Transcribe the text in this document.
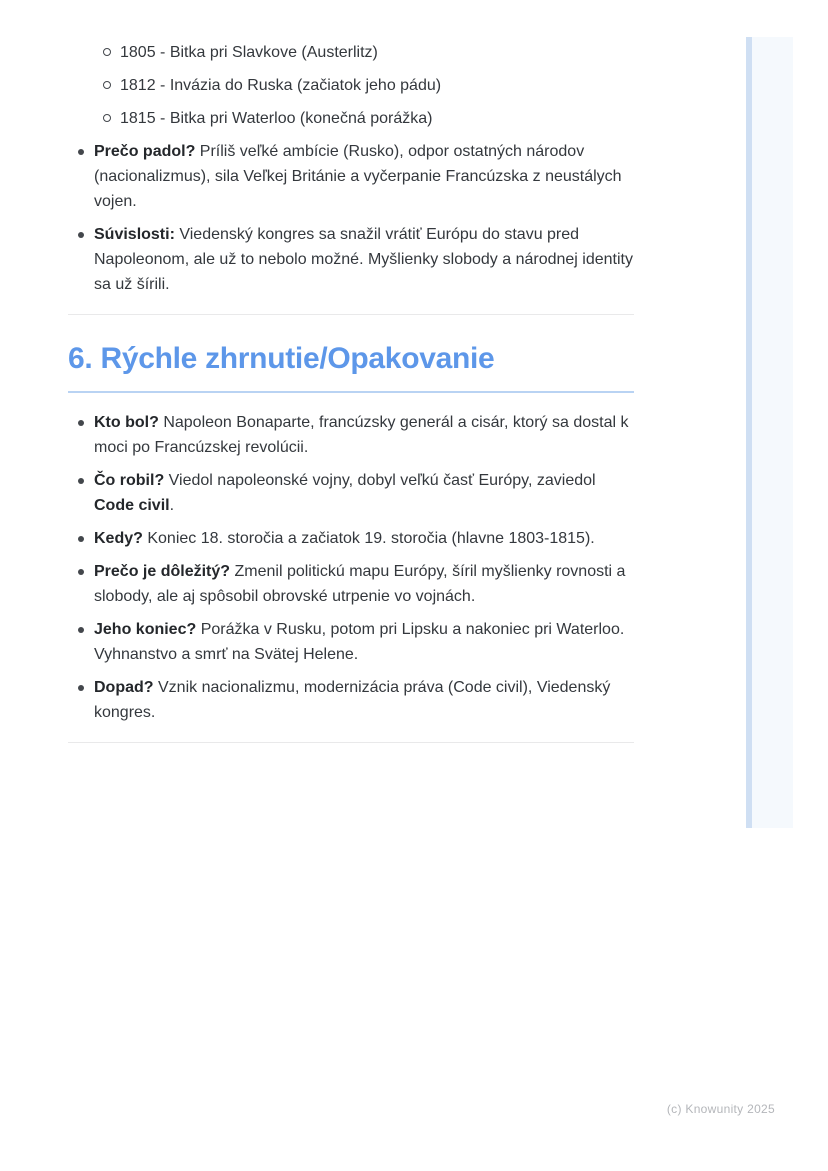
1805 - Bitka pri Slavkove (Austerlitz)
1812 - Invázia do Ruska (začiatok jeho pádu)
1815 - Bitka pri Waterloo (konečná porážka)
Prečo padol? Príliš veľké ambície (Rusko), odpor ostatných národov (nacionalizmus), sila Veľkej Británie a vyčerpanie Francúzska z neustálych vojen.
Súvislosti: Viedenský kongres sa snažil vrátiť Európu do stavu pred Napoleonom, ale už to nebolo možné. Myšlienky slobody a národnej identity sa už šírili.
6. Rýchle zhrnutie/Opakovanie
Kto bol? Napoleon Bonaparte, francúzsky generál a cisár, ktorý sa dostal k moci po Francúzskej revolúcii.
Čo robil? Viedol napoleonské vojny, dobyl veľkú časť Európy, zaviedol Code civil.
Kedy? Koniec 18. storočia a začiatok 19. storočia (hlavne 1803-1815).
Prečo je dôležitý? Zmenil politickú mapu Európy, šíril myšlienky rovnosti a slobody, ale aj spôsobil obrovské utrpenie vo vojnách.
Jeho koniec? Porážka v Rusku, potom pri Lipsku a nakoniec pri Waterloo. Vyhnanstvo a smrť na Svätej Helene.
Dopad? Vznik nacionalizmu, modernizácia práva (Code civil), Viedenský kongres.
(c) Knowunity 2025
